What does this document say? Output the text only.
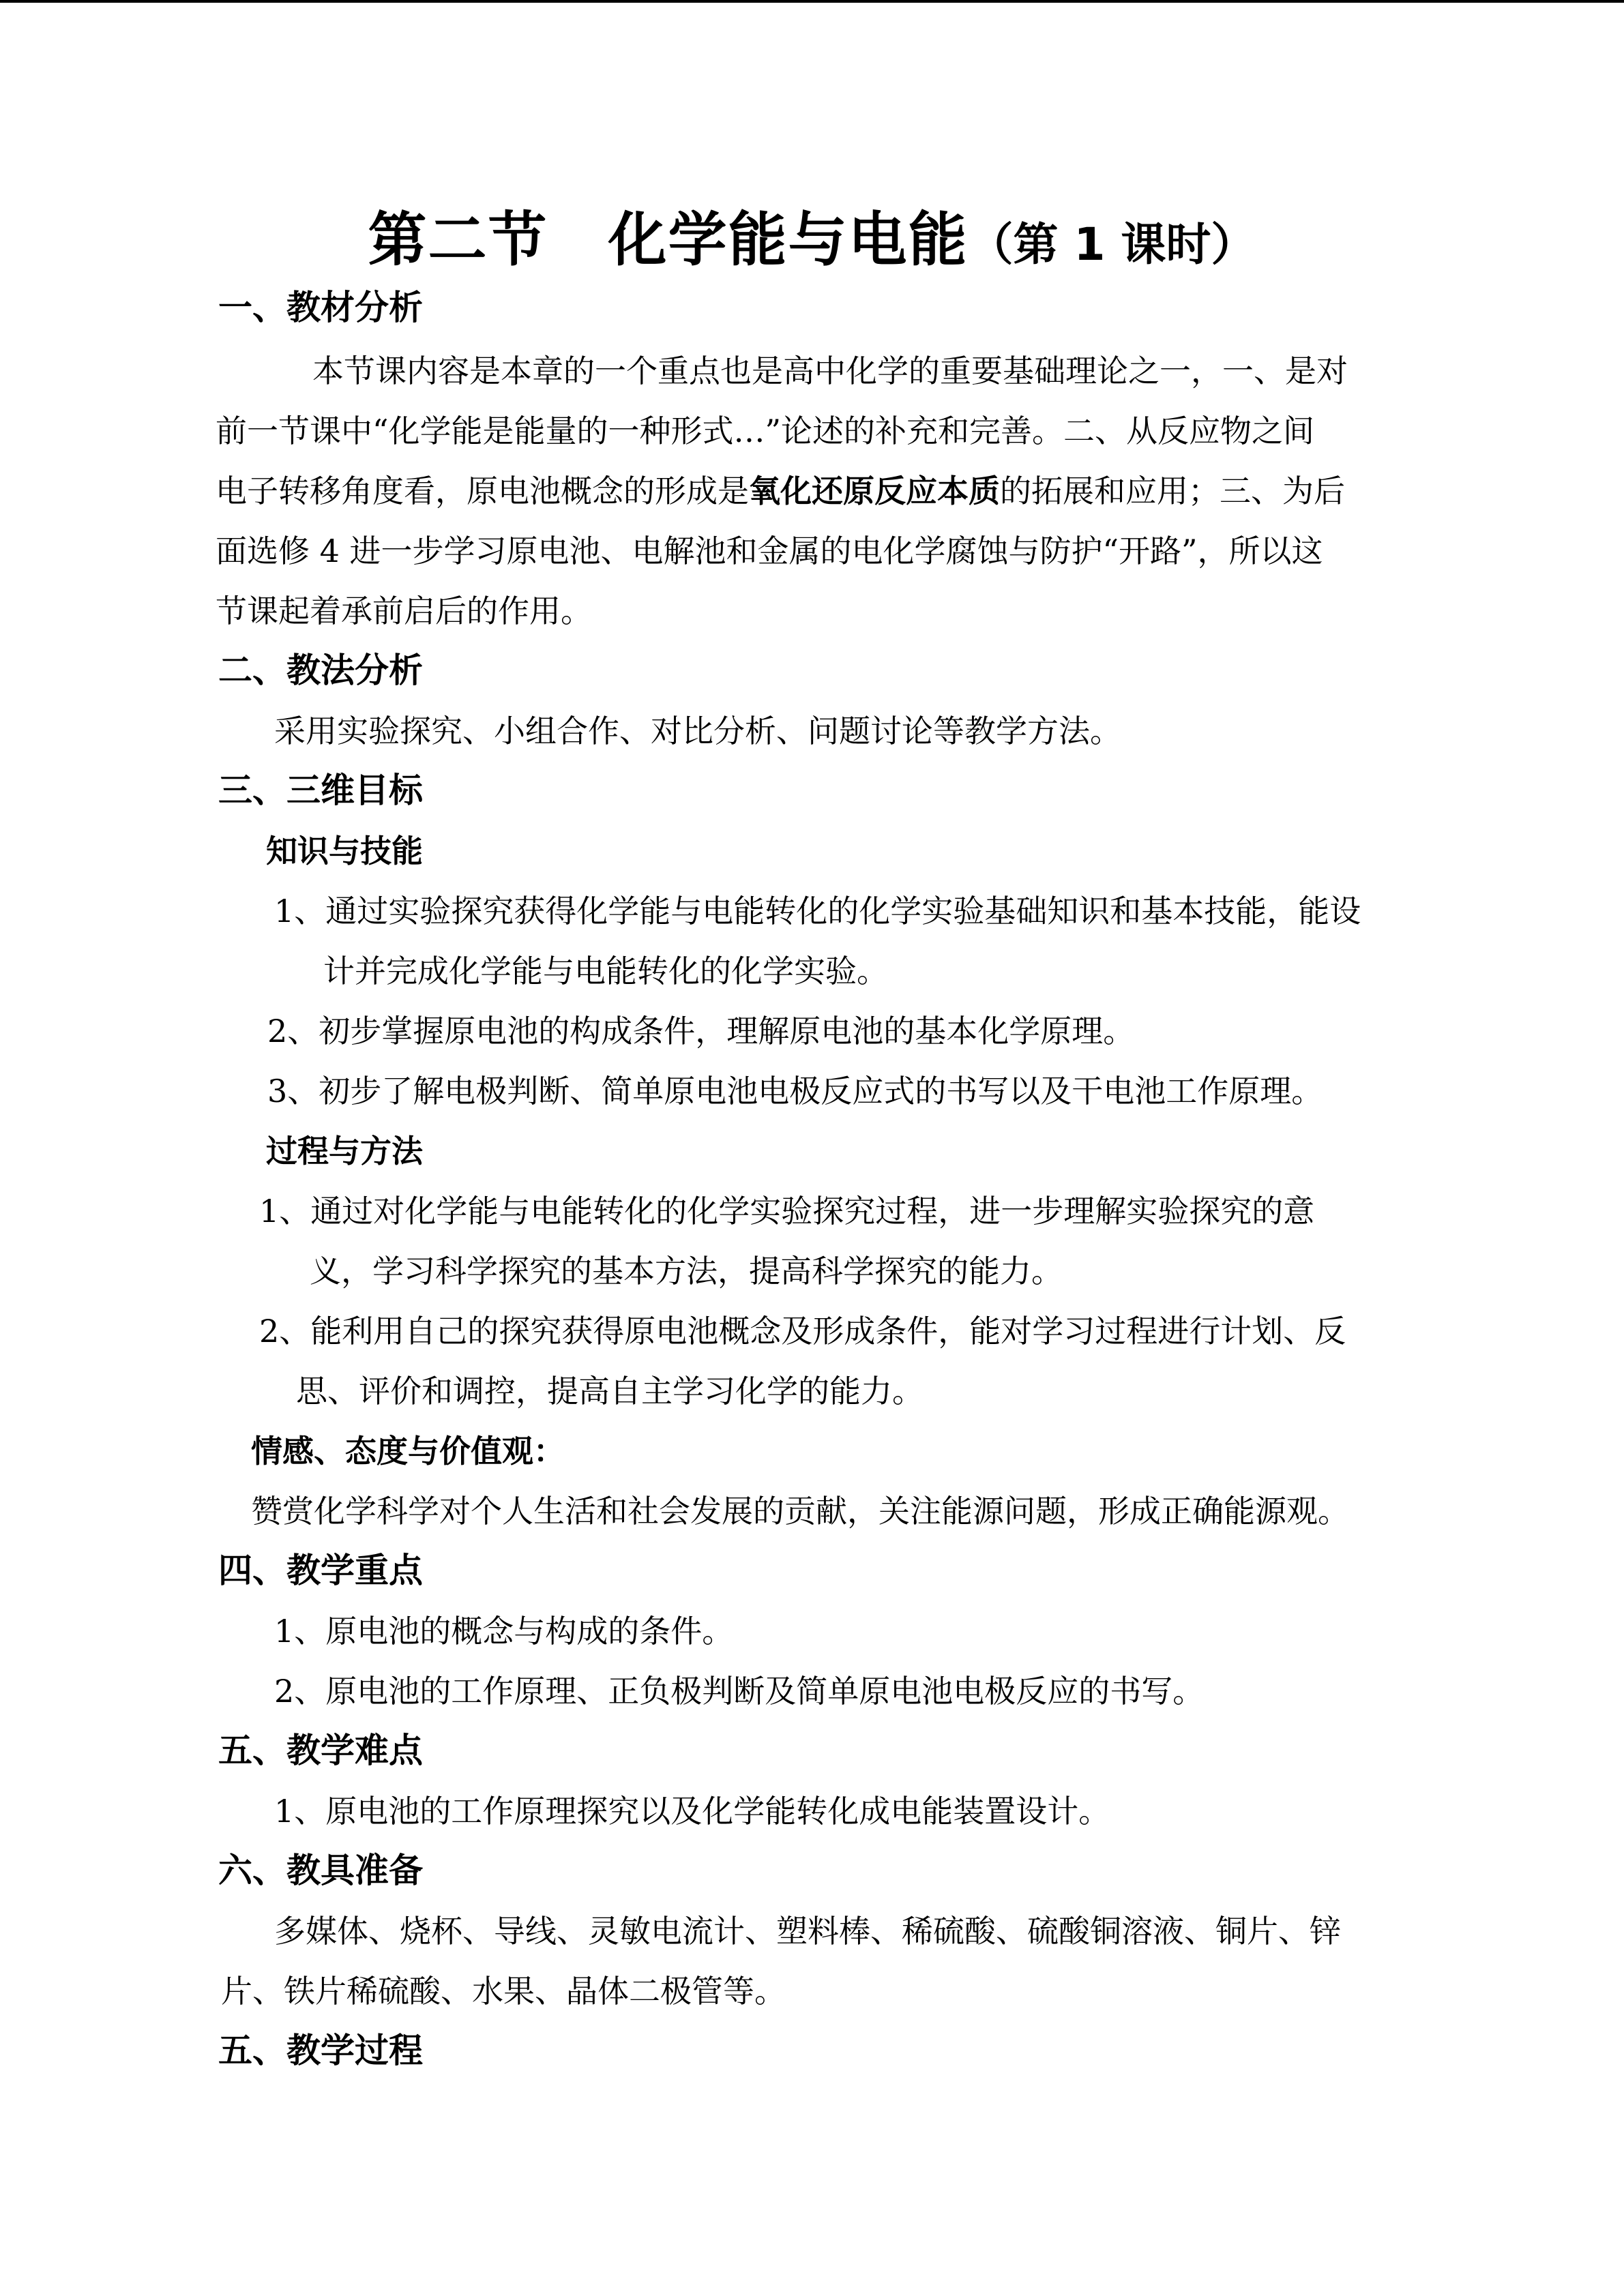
第二节　化学能与电能（第 1 课时）
一、教材分析
本节课内容是本章的一个重点也是高中化学的重要基础理论之一，一、是对
前一节课中“化学能是能量的一种形式…”论述的补充和完善。二、从反应物之间
电子转移角度看，原电池概念的形成是氧化还原反应本质的拓展和应用；三、为后
面选修 4 进一步学习原电池、电解池和金属的电化学腐蚀与防护“开路”，所以这
节课起着承前启后的作用。
二、教法分析
采用实验探究、小组合作、对比分析、问题讨论等教学方法。
三、三维目标
知识与技能
1、通过实验探究获得化学能与电能转化的化学实验基础知识和基本技能，能设
计并完成化学能与电能转化的化学实验。
2、初步掌握原电池的构成条件，理解原电池的基本化学原理。
3、初步了解电极判断、简单原电池电极反应式的书写以及干电池工作原理。
过程与方法
1、通过对化学能与电能转化的化学实验探究过程，进一步理解实验探究的意
义，学习科学探究的基本方法，提高科学探究的能力。
2、能利用自己的探究获得原电池概念及形成条件，能对学习过程进行计划、反
思、评价和调控，提高自主学习化学的能力。
情感、态度与价值观：
赞赏化学科学对个人生活和社会发展的贡献，关注能源问题，形成正确能源观。
四、教学重点
1、原电池的概念与构成的条件。
2、原电池的工作原理、正负极判断及简单原电池电极反应的书写。
五、教学难点
1、原电池的工作原理探究以及化学能转化成电能装置设计。
六、教具准备
多媒体、烧杯、导线、灵敏电流计、塑料棒、稀硫酸、硫酸铜溶液、铜片、锌
片、铁片稀硫酸、水果、晶体二极管等。
五、教学过程
